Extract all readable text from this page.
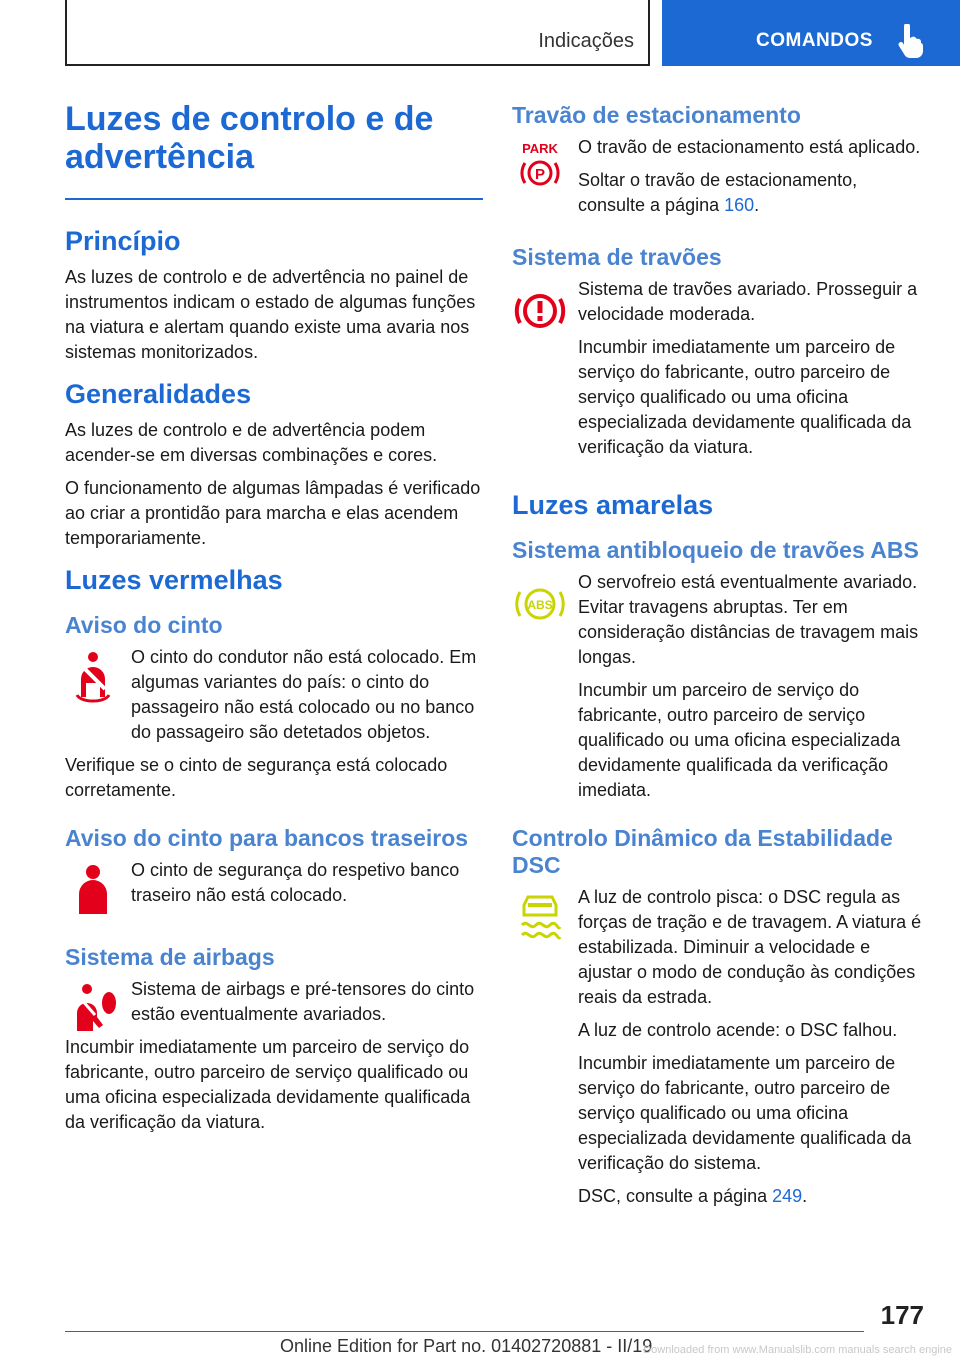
Indicações	COMANDOS
Luzes de controlo e de advertência
Princípio

As luzes de controlo e de advertência no painel de instrumentos indicam o estado de algumas funções na viatura e alertam quando existe uma avaria nos sistemas monitorizados.

Generalidades

As luzes de controlo e de advertência podem acender-se em diversas combinações e cores.

O funcionamento de algumas lâmpadas é verificado ao criar a prontidão para marcha e elas acendem temporariamente.

Luzes vermelhas
Aviso do cinto

O cinto do condutor não está colocado. Em algumas variantes do país: o cinto do passageiro não está colocado ou no banco do passageiro são detetados objetos.

Verifique se o cinto de segurança está colocado corretamente.

Aviso do cinto para bancos traseiros

O cinto de segurança do respetivo banco traseiro não está colocado.

Sistema de airbags

Sistema de airbags e pré-tensores do cinto estão eventualmente avariados.

Incumbir imediatamente um parceiro de serviço do fabricante, outro parceiro de serviço qualificado ou uma oficina especializada devidamente qualificada da verificação da viatura.

Travão de estacionamento
PARK
P

O travão de estacionamento está aplicado.

Soltar o travão de estacionamento, consulte a página 160.

Sistema de travões

Sistema de travões avariado. Prosseguir a velocidade moderada.

Incumbir imediatamente um parceiro de serviço do fabricante, outro parceiro de serviço qualificado ou uma oficina especializada devidamente qualificada da verificação da viatura.

Luzes amarelas
Sistema antibloqueio de travões ABS
ABS

O servofreio está eventualmente avariado. Evitar travagens abruptas. Ter em consideração distâncias de travagem mais longas.

Incumbir um parceiro de serviço do fabricante, outro parceiro de serviço qualificado ou uma oficina especializada devidamente qualificada da verificação imediata.

Controlo Dinâmico da Estabilidade DSC

A luz de controlo pisca: o DSC regula as forças de tração e de travagem. A viatura é estabilizada. Diminuir a velocidade e ajustar o modo de condução às condições reais da estrada.

A luz de controlo acende: o DSC falhou.

Incumbir imediatamente um parceiro de serviço do fabricante, outro parceiro de serviço qualificado ou uma oficina especializada devidamente qualificada da verificação do sistema.

DSC, consulte a página 249.

177
Online Edition for Part no. 01402720881 - II/19
Downloaded from www.Manualslib.com manuals search engine
